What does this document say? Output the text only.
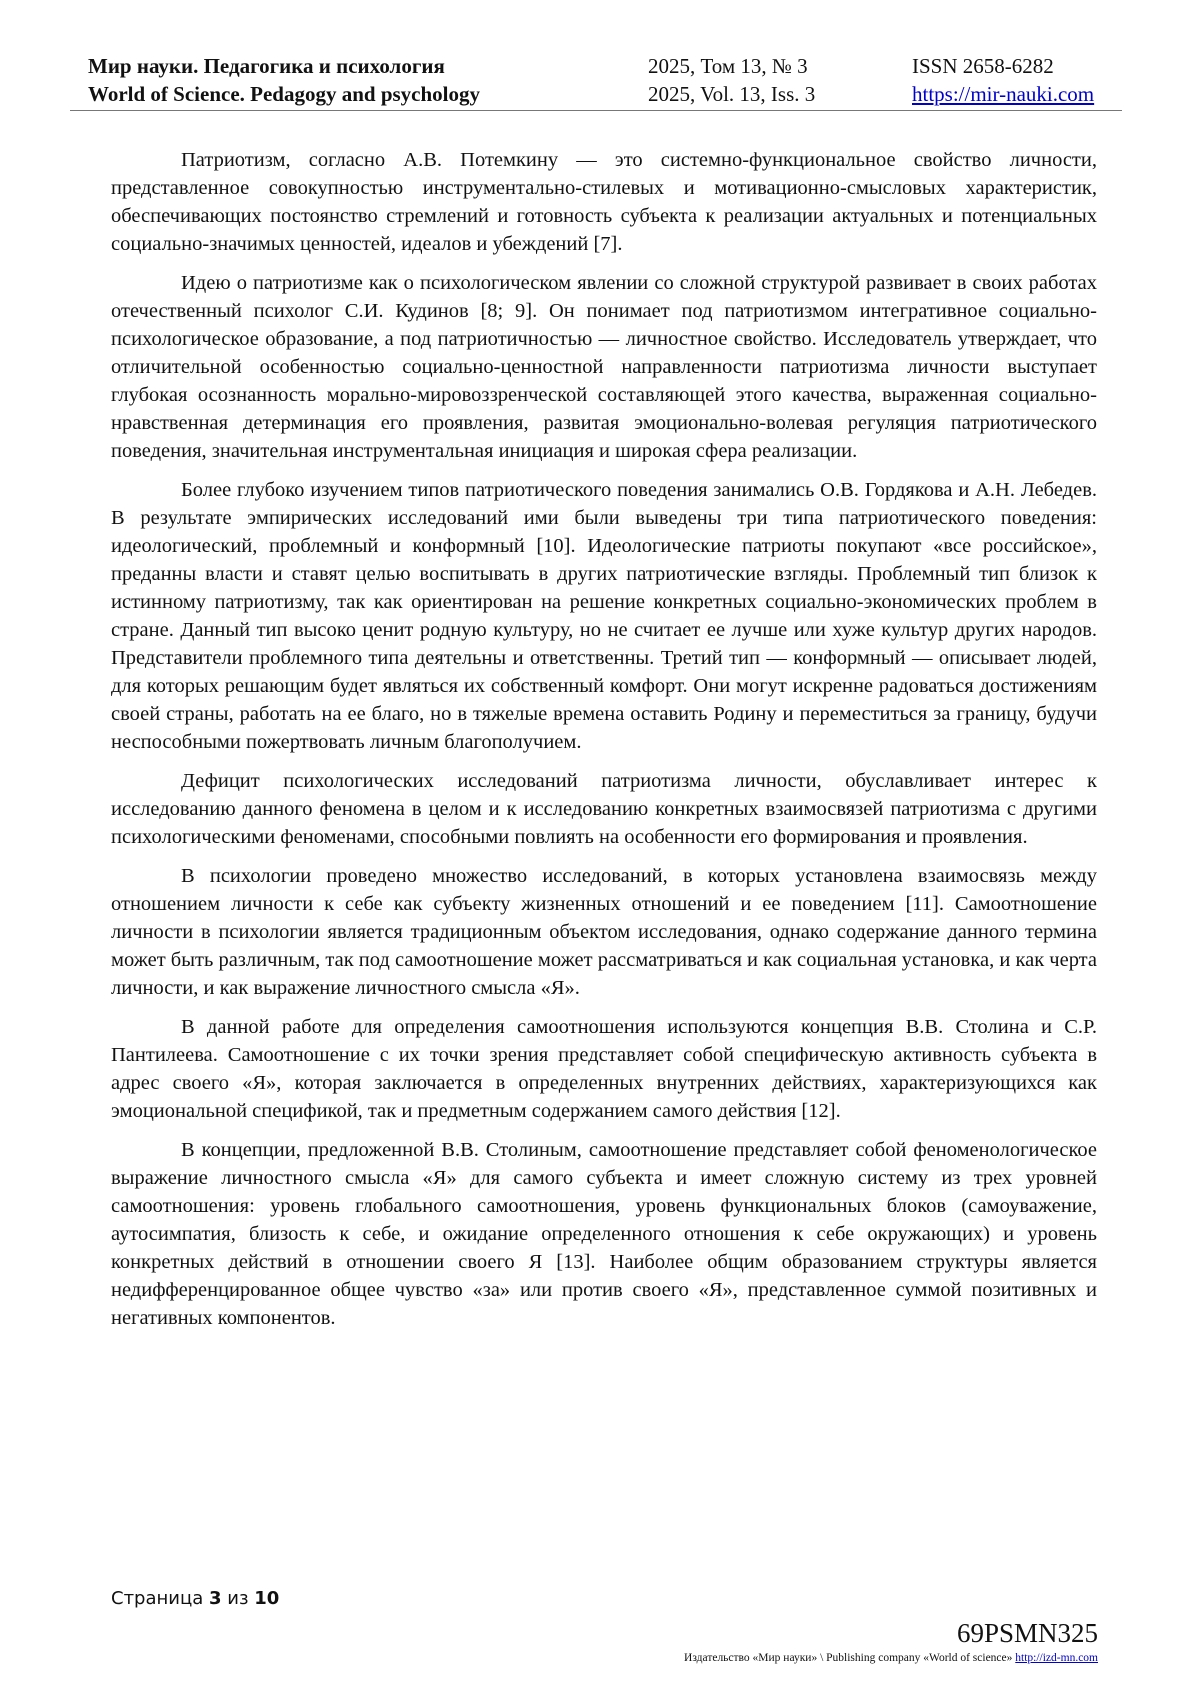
Мир науки. Педагогика и психология
World of Science. Pedagogy and psychology
2025, Том 13, № 3
2025, Vol. 13, Iss. 3
ISSN 2658-6282
https://mir-nauki.com

Патриотизм, согласно А.В. Потемкину — это системно-функциональное свойство личности, представленное совокупностью инструментально-стилевых и мотивационно-смысловых характеристик, обеспечивающих постоянство стремлений и готовность субъекта к реализации актуальных и потенциальных социально-значимых ценностей, идеалов и убеждений [7].

Идею о патриотизме как о психологическом явлении со сложной структурой развивает в своих работах отечественный психолог С.И. Кудинов [8; 9]. Он понимает под патриотизмом интегративное социально-психологическое образование, а под патриотичностью — личностное свойство. Исследователь утверждает, что отличительной особенностью социально-ценностной направленности патриотизма личности выступает глубокая осознанность морально-мировоззренческой составляющей этого качества, выраженная социально-нравственная детерминация его проявления, развитая эмоционально-волевая регуляция патриотического поведения, значительная инструментальная инициация и широкая сфера реализации.

Более глубоко изучением типов патриотического поведения занимались О.В. Гордякова и А.Н. Лебедев. В результате эмпирических исследований ими были выведены три типа патриотического поведения: идеологический, проблемный и конформный [10]. Идеологические патриоты покупают «все российское», преданны власти и ставят целью воспитывать в других патриотические взгляды. Проблемный тип близок к истинному патриотизму, так как ориентирован на решение конкретных социально-экономических проблем в стране. Данный тип высоко ценит родную культуру, но не считает ее лучше или хуже культур других народов. Представители проблемного типа деятельны и ответственны. Третий тип — конформный — описывает людей, для которых решающим будет являться их собственный комфорт. Они могут искренне радоваться достижениям своей страны, работать на ее благо, но в тяжелые времена оставить Родину и переместиться за границу, будучи неспособными пожертвовать личным благополучием.

Дефицит психологических исследований патриотизма личности, обуславливает интерес к исследованию данного феномена в целом и к исследованию конкретных взаимосвязей патриотизма с другими психологическими феноменами, способными повлиять на особенности его формирования и проявления.

В психологии проведено множество исследований, в которых установлена взаимосвязь между отношением личности к себе как субъекту жизненных отношений и ее поведением [11]. Самоотношение личности в психологии является традиционным объектом исследования, однако содержание данного термина может быть различным, так под самоотношение может рассматриваться и как социальная установка, и как черта личности, и как выражение личностного смысла «Я».

В данной работе для определения самоотношения используются концепция В.В. Столина и С.Р. Пантилеева. Самоотношение с их точки зрения представляет собой специфическую активность субъекта в адрес своего «Я», которая заключается в определенных внутренних действиях, характеризующихся как эмоциональной спецификой, так и предметным содержанием самого действия [12].

В концепции, предложенной В.В. Столиным, самоотношение представляет собой феноменологическое выражение личностного смысла «Я» для самого субъекта и имеет сложную систему из трех уровней самоотношения: уровень глобального самоотношения, уровень функциональных блоков (самоуважение, аутосимпатия, близость к себе, и ожидание определенного отношения к себе окружающих) и уровень конкретных действий в отношении своего Я [13]. Наиболее общим образованием структуры является недифференцированное общее чувство «за» или против своего «Я», представленное суммой позитивных и негативных компонентов.

Страница 3 из 10
69PSMN325
Издательство «Мир науки» \ Publishing company «World of science» http://izd-mn.com
